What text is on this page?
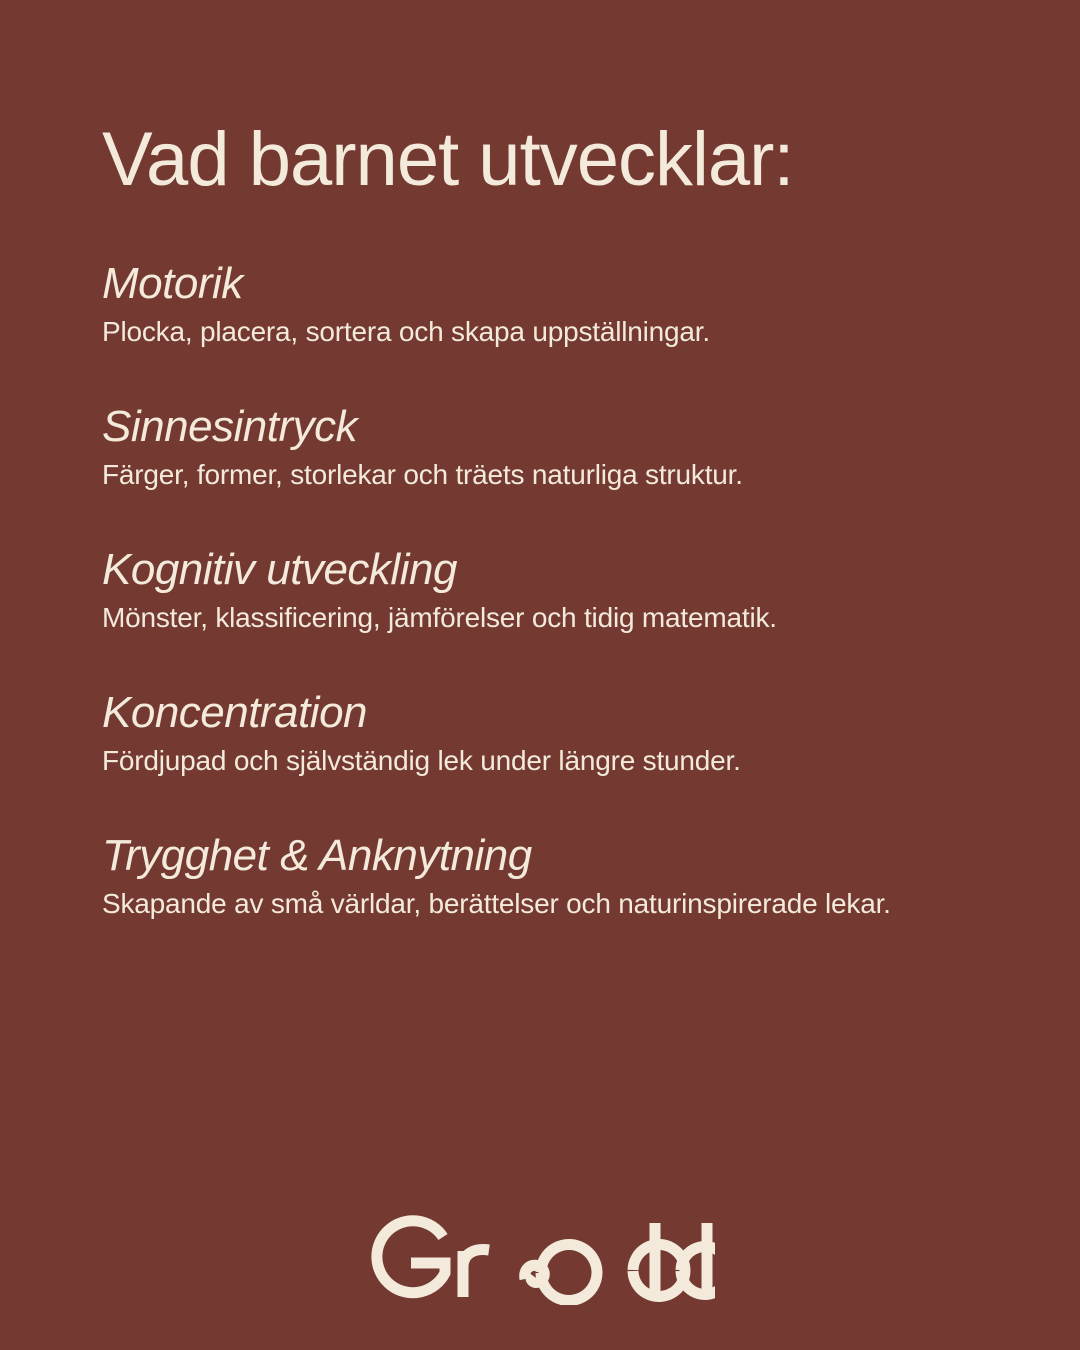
Vad barnet utvecklar:
Motorik
Plocka, placera, sortera och skapa uppställningar.
Sinnesintryck
Färger, former, storlekar och träets naturliga struktur.
Kognitiv utveckling
Mönster, klassificering, jämförelser och tidig matematik.
Koncentration
Fördjupad och självständig lek under längre stunder.
Trygghet & Anknytning
Skapande av små världar, berättelser och naturinspirerade lekar.
